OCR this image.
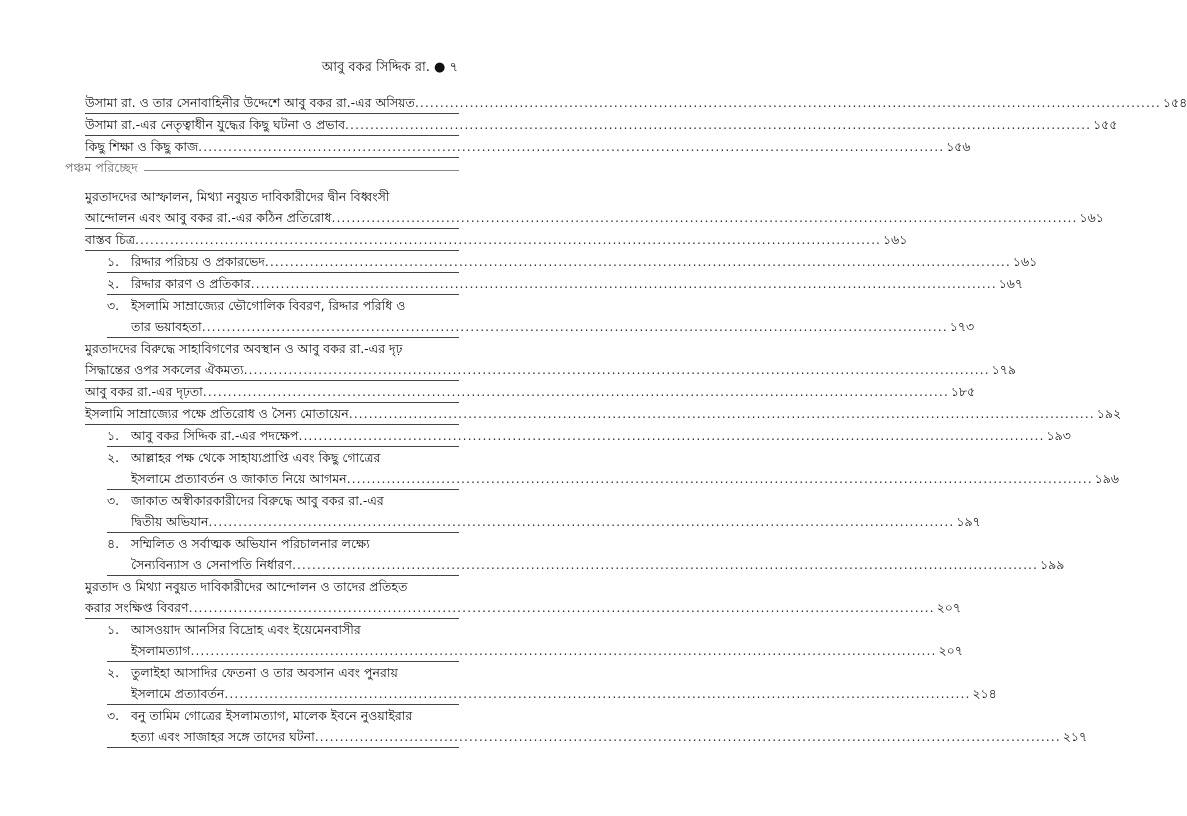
আবু বকর সিদ্দিক রা. ● ৭
উসামা রা. ও তার সেনাবাহিনীর উদ্দেশে আবু বকর রা.-এর অসিয়ত .....	১৫৪
উসামা রা.-এর নেতৃত্বাধীন যুদ্ধের কিছু ঘটনা ও প্রভাব .....	১৫৫
কিছু শিক্ষা ও কিছু কাজ .....	১৫৬
পঞ্চম পরিচ্ছেদ
মুরতাদদের আস্ফালন, মিথ্যা নবুয়ত দাবিকারীদের দ্বীন বিধ্বংসী
আন্দোলন এবং আবু বকর রা.-এর কঠিন প্রতিরোধ .....	১৬১
বাস্তব চিত্র .....	১৬১
১. রিদ্দার পরিচয় ও প্রকারভেদ .....	১৬১
২. রিদ্দার কারণ ও প্রতিকার .....	১৬৭
৩. ইসলামি সাম্রাজ্যের ভৌগোলিক বিবরণ, রিদ্দার পরিধি ও
তার ভয়াবহতা .....	১৭৩
মুরতাদদের বিরুদ্ধে সাহাবিগণের অবস্থান ও আবু বকর রা.-এর দৃঢ়
সিদ্ধান্তের ওপর সকলের ঐকমত্য .....	১৭৯
আবু বকর রা.-এর দৃঢ়তা .....	১৮৫
ইসলামি সাম্রাজ্যের পক্ষে প্রতিরোধ ও সৈন্য মোতায়েন .....	১৯২
১. আবু বকর সিদ্দিক রা.-এর পদক্ষেপ .....	১৯৩
২. আল্লাহর পক্ষ থেকে সাহায্যপ্রাপ্তি এবং কিছু গোত্রের
ইসলামে প্রত্যাবর্তন ও জাকাত নিয়ে আগমন .....	১৯৬
৩. জাকাত অস্বীকারকারীদের বিরুদ্ধে আবু বকর রা.-এর
দ্বিতীয় অভিযান .....	১৯৭
৪. সম্মিলিত ও সর্বাত্মক অভিযান পরিচালনার লক্ষ্যে
সৈন্যবিন্যাস ও সেনাপতি নির্ধারণ .....	১৯৯
মুরতাদ ও মিথ্যা নবুয়ত দাবিকারীদের আন্দোলন ও তাদের প্রতিহত
করার সংক্ষিপ্ত বিবরণ .....	২০৭
১. আসওয়াদ আনসির বিদ্রোহ এবং ইয়েমেনবাসীর
ইসলামত্যাগ .....	২০৭
২. তুলাইহা আসাদির ফেতনা ও তার অবসান এবং পুনরায়
ইসলামে প্রত্যাবর্তন .....	২১৪
৩. বনু তামিম গোত্রের ইসলামত্যাগ, মালেক ইবনে নুওয়াইরার
হত্যা এবং সাজাহর সঙ্গে তাদের ঘটনা .....	২১৭
